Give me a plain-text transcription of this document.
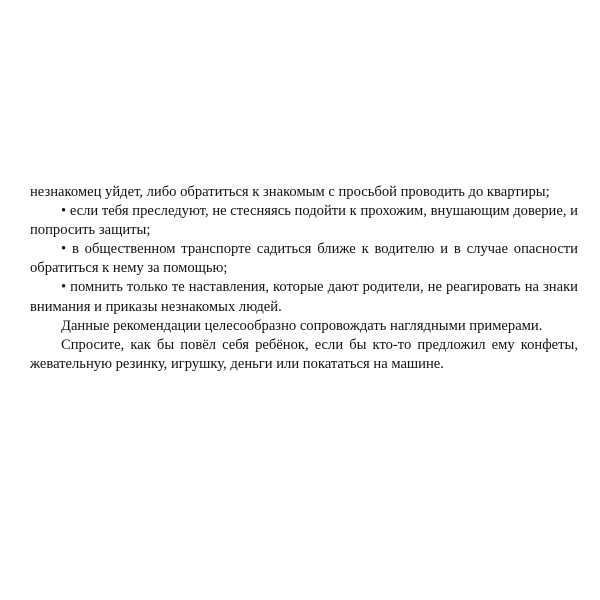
незнакомец уйдет, либо обратиться к знакомым с просьбой проводить до квартиры;

• если тебя преследуют, не стесняясь подойти к прохожим, внушающим доверие, и попросить защиты;

• в общественном транспорте садиться ближе к водителю и в случае опасности обратиться к нему за помощью;

• помнить только те наставления, которые дают родители, не реагировать на знаки внимания и приказы незнакомых людей.

Данные рекомендации целесообразно сопровождать наглядными примерами.

Спросите, как бы повёл себя ребёнок, если бы кто-то предложил ему конфеты, жевательную резинку, игрушку, деньги или покататься на машине.
